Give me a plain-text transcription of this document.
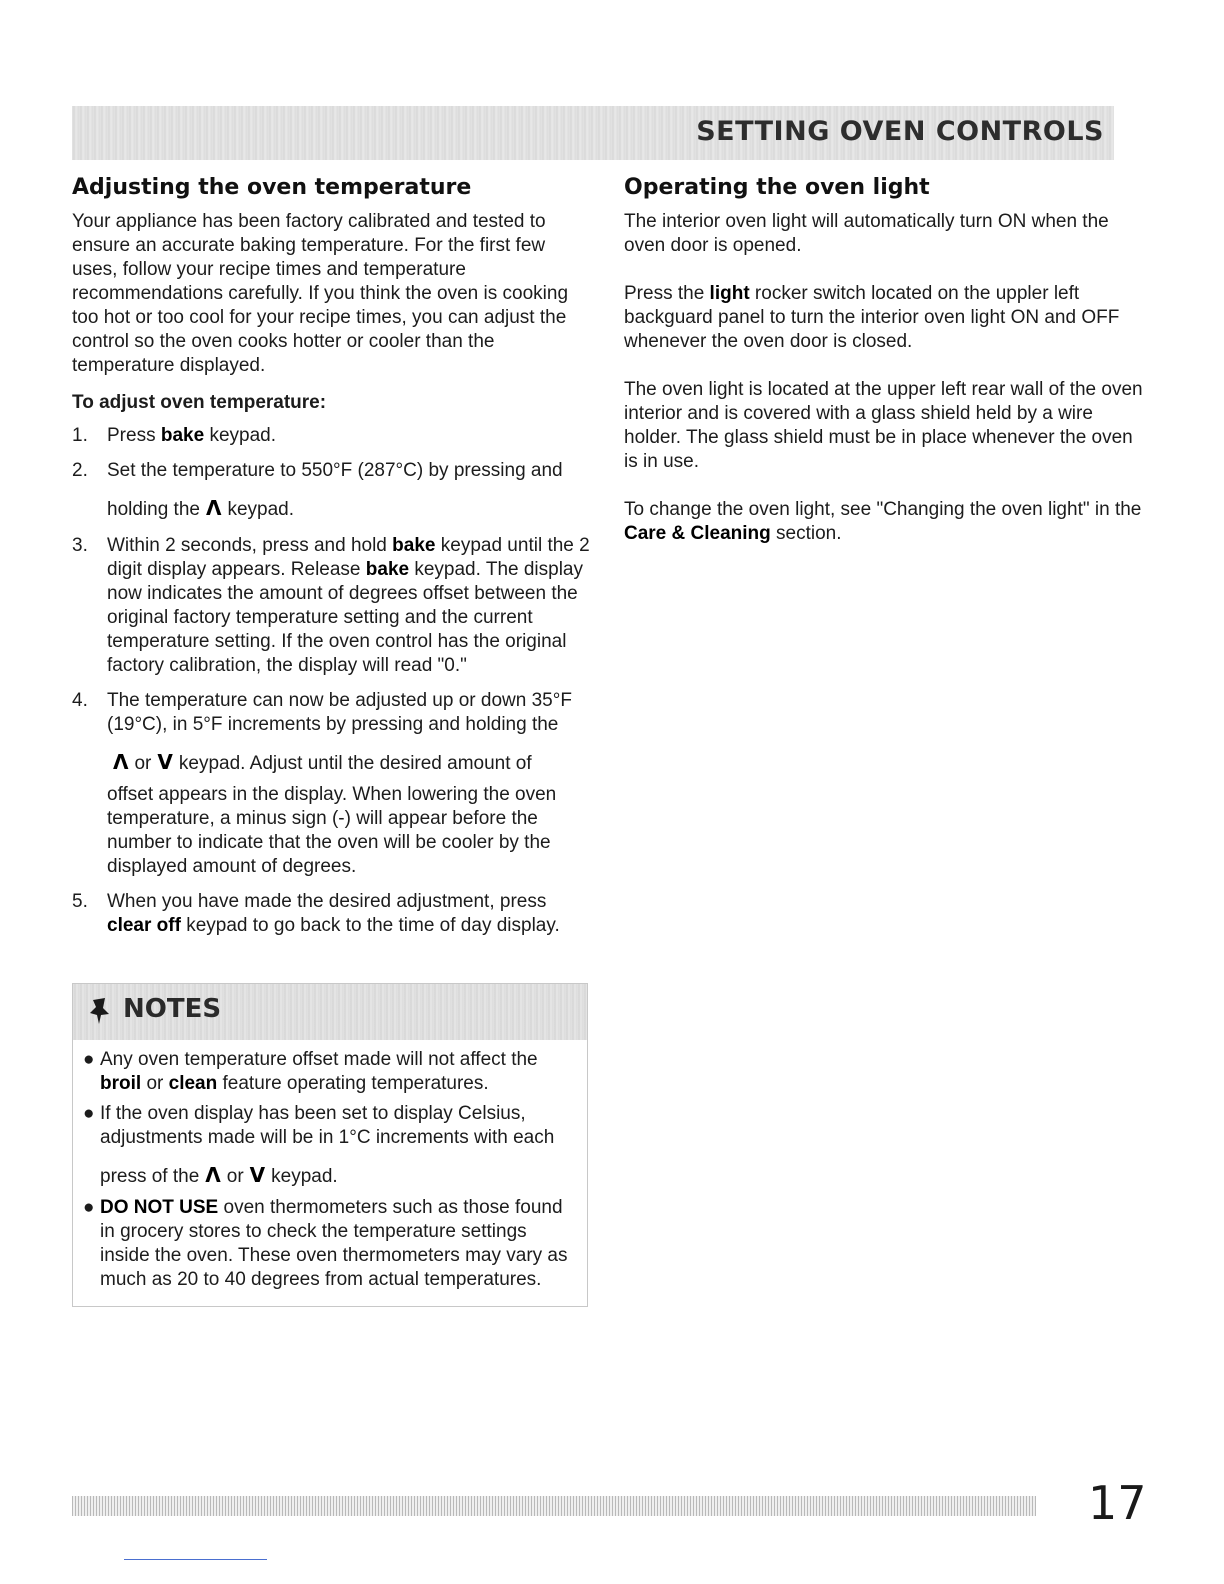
SETTING OVEN CONTROLS
Adjusting the oven temperature

Your appliance has been factory calibrated and tested to ensure an accurate baking temperature. For the first few uses, follow your recipe times and temperature recommendations carefully. If you think the oven is cooking too hot or too cool for your recipe times, you can adjust the control so the oven cooks hotter or cooler than the temperature displayed.

To adjust oven temperature:
1. Press bake keypad.
2. Set the temperature to 550°F (287°C) by pressing and
holding the Λ keypad.
3. Within 2 seconds, press and hold bake keypad until the 2 digit display appears. Release bake keypad. The display now indicates the amount of degrees offset between the original factory temperature setting and the current temperature setting. If the oven control has the original factory calibration, the display will read "0."
4. The temperature can now be adjusted up or down 35°F (19°C), in 5°F increments by pressing and holding the
Λ or V keypad. Adjust until the desired amount of
offset appears in the display. When lowering the oven temperature, a minus sign (-) will appear before the number to indicate that the oven will be cooler by the displayed amount of degrees.
5. When you have made the desired adjustment, press clear off keypad to go back to the time of day display.
NOTES
● Any oven temperature offset made will not affect the broil or clean feature operating temperatures.
● If the oven display has been set to display Celsius, adjustments made will be in 1°C increments with each
press of the Λ or V keypad.
● DO NOT USE oven thermometers such as those found in grocery stores to check the temperature settings inside the oven. These oven thermometers may vary as much as 20 to 40 degrees from actual temperatures.
Operating the oven light

The interior oven light will automatically turn ON when the oven door is opened.

Press the light rocker switch located on the uppler left backguard panel to turn the interior oven light ON and OFF whenever the oven door is closed.

The oven light is located at the upper left rear wall of the oven interior and is covered with a glass shield held by a wire holder. The glass shield must be in place whenever the oven is in use.

To change the oven light, see "Changing the oven light" in the Care & Cleaning section.

17
